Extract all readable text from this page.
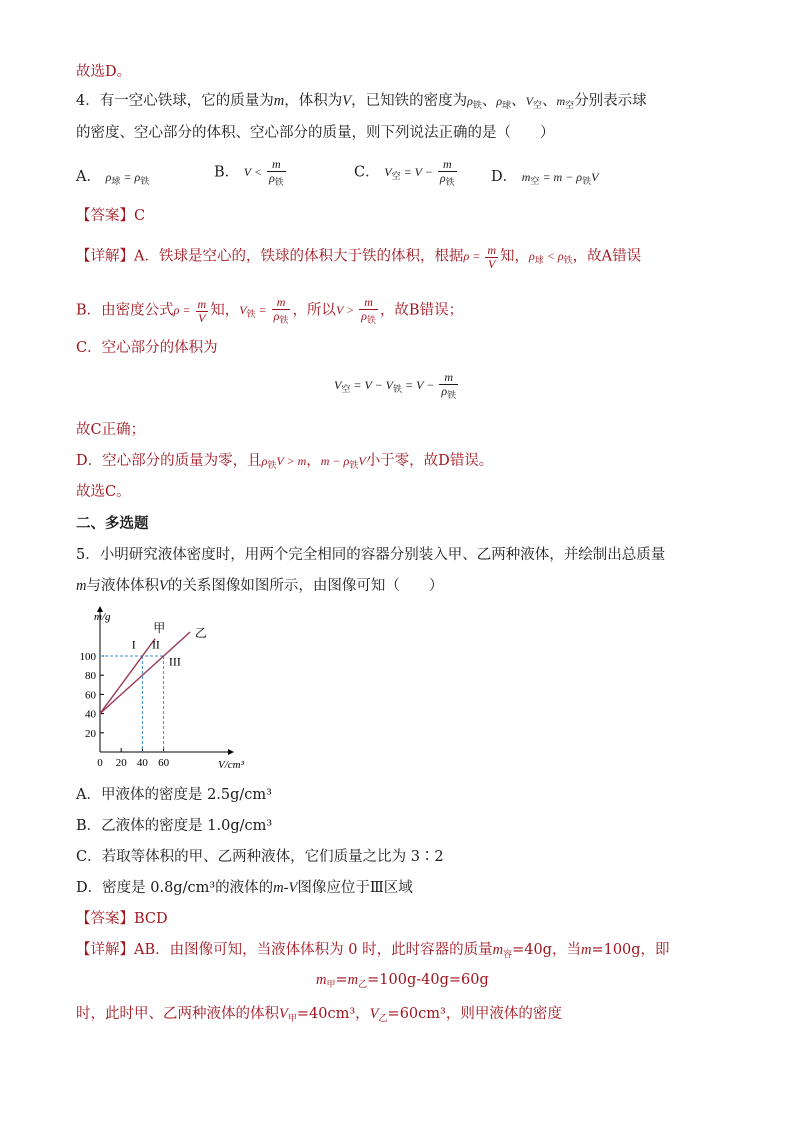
故选D。
4．有一空心铁球，它的质量为m，体积为V，已知铁的密度为$\rho_铁$、$\rho_球$、$V_空$、$m_空$分别表示球
的密度、空心部分的体积、空心部分的质量，则下列说法正确的是（　　）
A． $\rho_球 = \rho_铁$
B． $V < \frac{m}{\rho_铁}$	C． $V_空 = V - \frac{m}{\rho_铁}$ D． $m_空 = m - \rho_铁V$
【答案】C
【详解】A．铁球是空心的，铁球的体积大于铁的体积，根据$\rho = \frac{m}{V}$ 知，$\rho_球 < \rho_铁$，故A错误
B．由密度公式$\rho = \frac{m}{V}$ 知，$V_铁 = \frac{m}{\rho_铁}$ ，所以$V > \frac{m}{\rho_铁}$ ，故B错误；
C．空心部分的体积为
$V_空 = V - V_铁 = V - \frac{m}{\rho_铁}$
故C正确；
D．空心部分的质量为零，且$\rho_铁V > m$，$m - \rho_铁V$小于零，故D错误。
故选C。
二、多选题
5．小明研究液体密度时，用两个完全相同的容器分别装入甲、乙两种液体，并绘制出总质量
m与液体体积V的关系图像如图所示，由图像可知（　　）
20
40
60
80
100
0 20 40 60
甲 乙
I II
III
m/g
V/cm³
A．甲液体的密度是 2.5g/cm³
B．乙液体的密度是 1.0g/cm³
C．若取等体积的甲、乙两种液体，它们质量之比为 3∶2
D．密度是 0.8g/cm³的液体的m-V图像应位于Ⅲ区域
【答案】BCD
【详解】AB．由图像可知，当液体体积为 0 时，此时容器的质量$m_容=40g$，当m=100g，即
$m_甲=m_乙=100g-40g=60g$
时，此时甲、乙两种液体的体积$V_甲=40cm^3$，$V_乙=60cm^3$，则甲液体的密度
